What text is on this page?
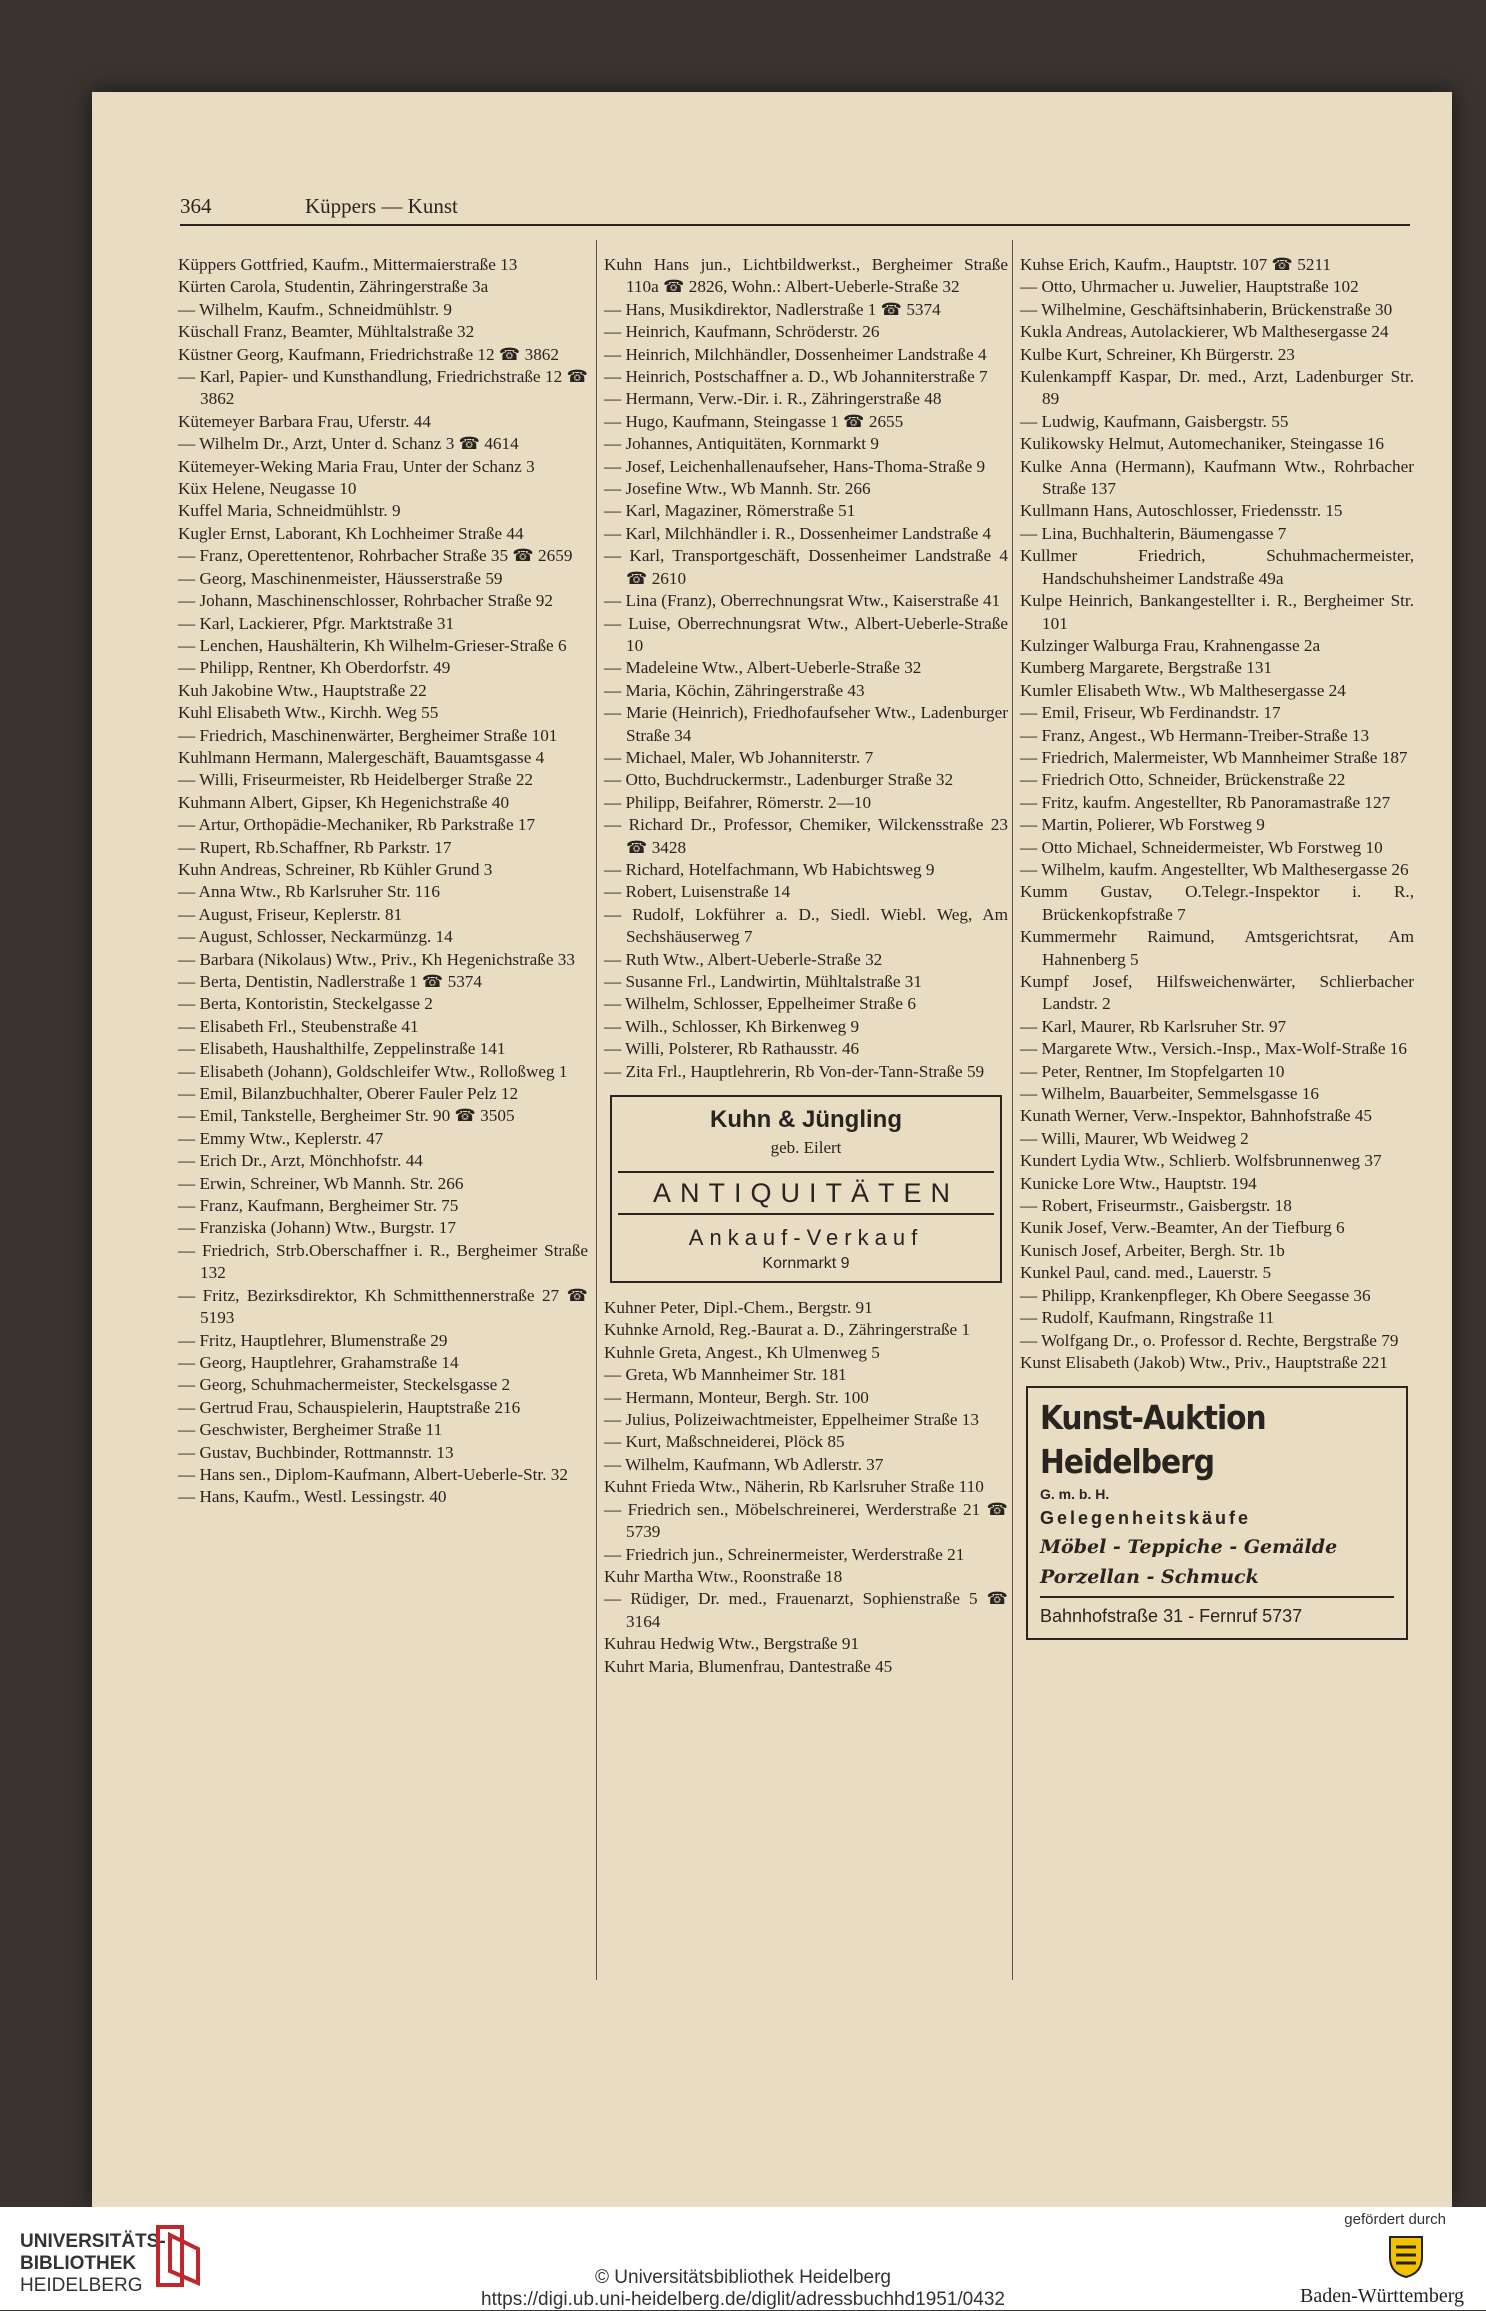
364	Küppers — Kunst
Küppers Gottfried, Kaufm., Mittermaierstraße 13
Kürten Carola, Studentin, Zähringerstraße 3a
— Wilhelm, Kaufm., Schneidmühlstr. 9
Küschall Franz, Beamter, Mühltalstraße 32
Küstner Georg, Kaufmann, Friedrichstraße 12 ☎ 3862
— Karl, Papier- und Kunsthandlung, Friedrichstraße 12 ☎ 3862
Kütemeyer Barbara Frau, Uferstr. 44
— Wilhelm Dr., Arzt, Unter d. Schanz 3 ☎ 4614
Kütemeyer-Weking Maria Frau, Unter der Schanz 3
Küx Helene, Neugasse 10
Kuffel Maria, Schneidmühlstr. 9
Kugler Ernst, Laborant, Kh Lochheimer Straße 44
— Franz, Operettentenor, Rohrbacher Straße 35 ☎ 2659
— Georg, Maschinenmeister, Häusserstraße 59
— Johann, Maschinenschlosser, Rohrbacher Straße 92
— Karl, Lackierer, Pfgr. Marktstraße 31
— Lenchen, Haushälterin, Kh Wilhelm-Grieser-Straße 6
— Philipp, Rentner, Kh Oberdorfstr. 49
Kuh Jakobine Wtw., Hauptstraße 22
Kuhl Elisabeth Wtw., Kirchh. Weg 55
— Friedrich, Maschinenwärter, Bergheimer Straße 101
Kuhlmann Hermann, Malergeschäft, Bauamtsgasse 4
— Willi, Friseurmeister, Rb Heidelberger Straße 22
Kuhmann Albert, Gipser, Kh Hegenichstraße 40
— Artur, Orthopädie-Mechaniker, Rb Parkstraße 17
— Rupert, Rb.Schaffner, Rb Parkstr. 17
Kuhn Andreas, Schreiner, Rb Kühler Grund 3
— Anna Wtw., Rb Karlsruher Str. 116
— August, Friseur, Keplerstr. 81
— August, Schlosser, Neckarmünzg. 14
— Barbara (Nikolaus) Wtw., Priv., Kh Hegenichstraße 33
— Berta, Dentistin, Nadlerstraße 1 ☎ 5374
— Berta, Kontoristin, Steckelgasse 2
— Elisabeth Frl., Steubenstraße 41
— Elisabeth, Haushalthilfe, Zeppelinstraße 141
— Elisabeth (Johann), Goldschleifer Wtw., Rolloßweg 1
— Emil, Bilanzbuchhalter, Oberer Fauler Pelz 12
— Emil, Tankstelle, Bergheimer Str. 90 ☎ 3505
— Emmy Wtw., Keplerstr. 47
— Erich Dr., Arzt, Mönchhofstr. 44
— Erwin, Schreiner, Wb Mannh. Str. 266
— Franz, Kaufmann, Bergheimer Str. 75
— Franziska (Johann) Wtw., Burgstr. 17
— Friedrich, Strb.Oberschaffner i. R., Bergheimer Straße 132
— Fritz, Bezirksdirektor, Kh Schmitthennerstraße 27 ☎ 5193
— Fritz, Hauptlehrer, Blumenstraße 29
— Georg, Hauptlehrer, Grahamstraße 14
— Georg, Schuhmachermeister, Steckelsgasse 2
— Gertrud Frau, Schauspielerin, Hauptstraße 216
— Geschwister, Bergheimer Straße 11
— Gustav, Buchbinder, Rottmannstr. 13
— Hans sen., Diplom-Kaufmann, Albert-Ueberle-Str. 32
— Hans, Kaufm., Westl. Lessingstr. 40
Kuhn Hans jun., Lichtbildwerkst., Bergheimer Straße 110a ☎ 2826, Wohn.: Albert-Ueberle-Straße 32
— Hans, Musikdirektor, Nadlerstraße 1 ☎ 5374
— Heinrich, Kaufmann, Schröderstr. 26
— Heinrich, Milchhändler, Dossenheimer Landstraße 4
— Heinrich, Postschaffner a. D., Wb Johanniterstraße 7
— Hermann, Verw.-Dir. i. R., Zähringerstraße 48
— Hugo, Kaufmann, Steingasse 1 ☎ 2655
— Johannes, Antiquitäten, Kornmarkt 9
— Josef, Leichenhallenaufseher, Hans-Thoma-Straße 9
— Josefine Wtw., Wb Mannh. Str. 266
— Karl, Magaziner, Römerstraße 51
— Karl, Milchhändler i. R., Dossenheimer Landstraße 4
— Karl, Transportgeschäft, Dossenheimer Landstraße 4 ☎ 2610
— Lina (Franz), Oberrechnungsrat Wtw., Kaiserstraße 41
— Luise, Oberrechnungsrat Wtw., Albert-Ueberle-Straße 10
— Madeleine Wtw., Albert-Ueberle-Straße 32
— Maria, Köchin, Zähringerstraße 43
— Marie (Heinrich), Friedhofaufseher Wtw., Ladenburger Straße 34
— Michael, Maler, Wb Johanniterstr. 7
— Otto, Buchdruckermstr., Ladenburger Straße 32
— Philipp, Beifahrer, Römerstr. 2—10
— Richard Dr., Professor, Chemiker, Wilckensstraße 23 ☎ 3428
— Richard, Hotelfachmann, Wb Habichtsweg 9
— Robert, Luisenstraße 14
— Rudolf, Lokführer a. D., Siedl. Wiebl. Weg, Am Sechshäuserweg 7
— Ruth Wtw., Albert-Ueberle-Straße 32
— Susanne Frl., Landwirtin, Mühltalstraße 31
— Wilhelm, Schlosser, Eppelheimer Straße 6
— Wilh., Schlosser, Kh Birkenweg 9
— Willi, Polsterer, Rb Rathausstr. 46
— Zita Frl., Hauptlehrerin, Rb Von-der-Tann-Straße 59
Kuhn & Jüngling
geb. Eilert
ANTIQUITÄTEN
Ankauf-Verkauf
Kornmarkt 9
Kuhner Peter, Dipl.-Chem., Bergstr. 91
Kuhnke Arnold, Reg.-Baurat a. D., Zähringerstraße 1
Kuhnle Greta, Angest., Kh Ulmenweg 5
— Greta, Wb Mannheimer Str. 181
— Hermann, Monteur, Bergh. Str. 100
— Julius, Polizeiwachtmeister, Eppelheimer Straße 13
— Kurt, Maßschneiderei, Plöck 85
— Wilhelm, Kaufmann, Wb Adlerstr. 37
Kuhnt Frieda Wtw., Näherin, Rb Karlsruher Straße 110
— Friedrich sen., Möbelschreinerei, Werderstraße 21 ☎ 5739
— Friedrich jun., Schreinermeister, Werderstraße 21
Kuhr Martha Wtw., Roonstraße 18
— Rüdiger, Dr. med., Frauenarzt, Sophienstraße 5 ☎ 3164
Kuhrau Hedwig Wtw., Bergstraße 91
Kuhrt Maria, Blumenfrau, Dantestraße 45
Kuhse Erich, Kaufm., Hauptstr. 107 ☎ 5211
— Otto, Uhrmacher u. Juwelier, Hauptstraße 102
— Wilhelmine, Geschäftsinhaberin, Brückenstraße 30
Kukla Andreas, Autolackierer, Wb Malthesergasse 24
Kulbe Kurt, Schreiner, Kh Bürgerstr. 23
Kulenkampff Kaspar, Dr. med., Arzt, Ladenburger Str. 89
— Ludwig, Kaufmann, Gaisbergstr. 55
Kulikowsky Helmut, Automechaniker, Steingasse 16
Kulke Anna (Hermann), Kaufmann Wtw., Rohrbacher Straße 137
Kullmann Hans, Autoschlosser, Friedensstr. 15
— Lina, Buchhalterin, Bäumengasse 7
Kullmer Friedrich, Schuhmachermeister, Handschuhsheimer Landstraße 49a
Kulpe Heinrich, Bankangestellter i. R., Bergheimer Str. 101
Kulzinger Walburga Frau, Krahnengasse 2a
Kumberg Margarete, Bergstraße 131
Kumler Elisabeth Wtw., Wb Malthesergasse 24
— Emil, Friseur, Wb Ferdinandstr. 17
— Franz, Angest., Wb Hermann-Treiber-Straße 13
— Friedrich, Malermeister, Wb Mannheimer Straße 187
— Friedrich Otto, Schneider, Brückenstraße 22
— Fritz, kaufm. Angestellter, Rb Panoramastraße 127
— Martin, Polierer, Wb Forstweg 9
— Otto Michael, Schneidermeister, Wb Forstweg 10
— Wilhelm, kaufm. Angestellter, Wb Malthesergasse 26
Kumm Gustav, O.Telegr.-Inspektor i. R., Brückenkopfstraße 7
Kummermehr Raimund, Amtsgerichtsrat, Am Hahnenberg 5
Kumpf Josef, Hilfsweichenwärter, Schlierbacher Landstr. 2
— Karl, Maurer, Rb Karlsruher Str. 97
— Margarete Wtw., Versich.-Insp., Max-Wolf-Straße 16
— Peter, Rentner, Im Stopfelgarten 10
— Wilhelm, Bauarbeiter, Semmelsgasse 16
Kunath Werner, Verw.-Inspektor, Bahnhofstraße 45
— Willi, Maurer, Wb Weidweg 2
Kundert Lydia Wtw., Schlierb. Wolfsbrunnenweg 37
Kunicke Lore Wtw., Hauptstr. 194
— Robert, Friseurmstr., Gaisbergstr. 18
Kunik Josef, Verw.-Beamter, An der Tiefburg 6
Kunisch Josef, Arbeiter, Bergh. Str. 1b
Kunkel Paul, cand. med., Lauerstr. 5
— Philipp, Krankenpfleger, Kh Obere Seegasse 36
— Rudolf, Kaufmann, Ringstraße 11
— Wolfgang Dr., o. Professor d. Rechte, Bergstraße 79
Kunst Elisabeth (Jakob) Wtw., Priv., Hauptstraße 221
Kunst-Auktion Heidelberg
G. m. b. H.
Gelegenheitskäufe
Möbel - Teppiche - Gemälde
Porzellan - Schmuck
Bahnhofstraße 31 - Fernruf 5737
UNIVERSITÄTS-
BIBLIOTHEK
HEIDELBERG	© Universitätsbibliothek Heidelberg
https://digi.ub.uni-heidelberg.de/diglit/adressbuchhd1951/0432
gefördert durch
Baden-Württemberg
